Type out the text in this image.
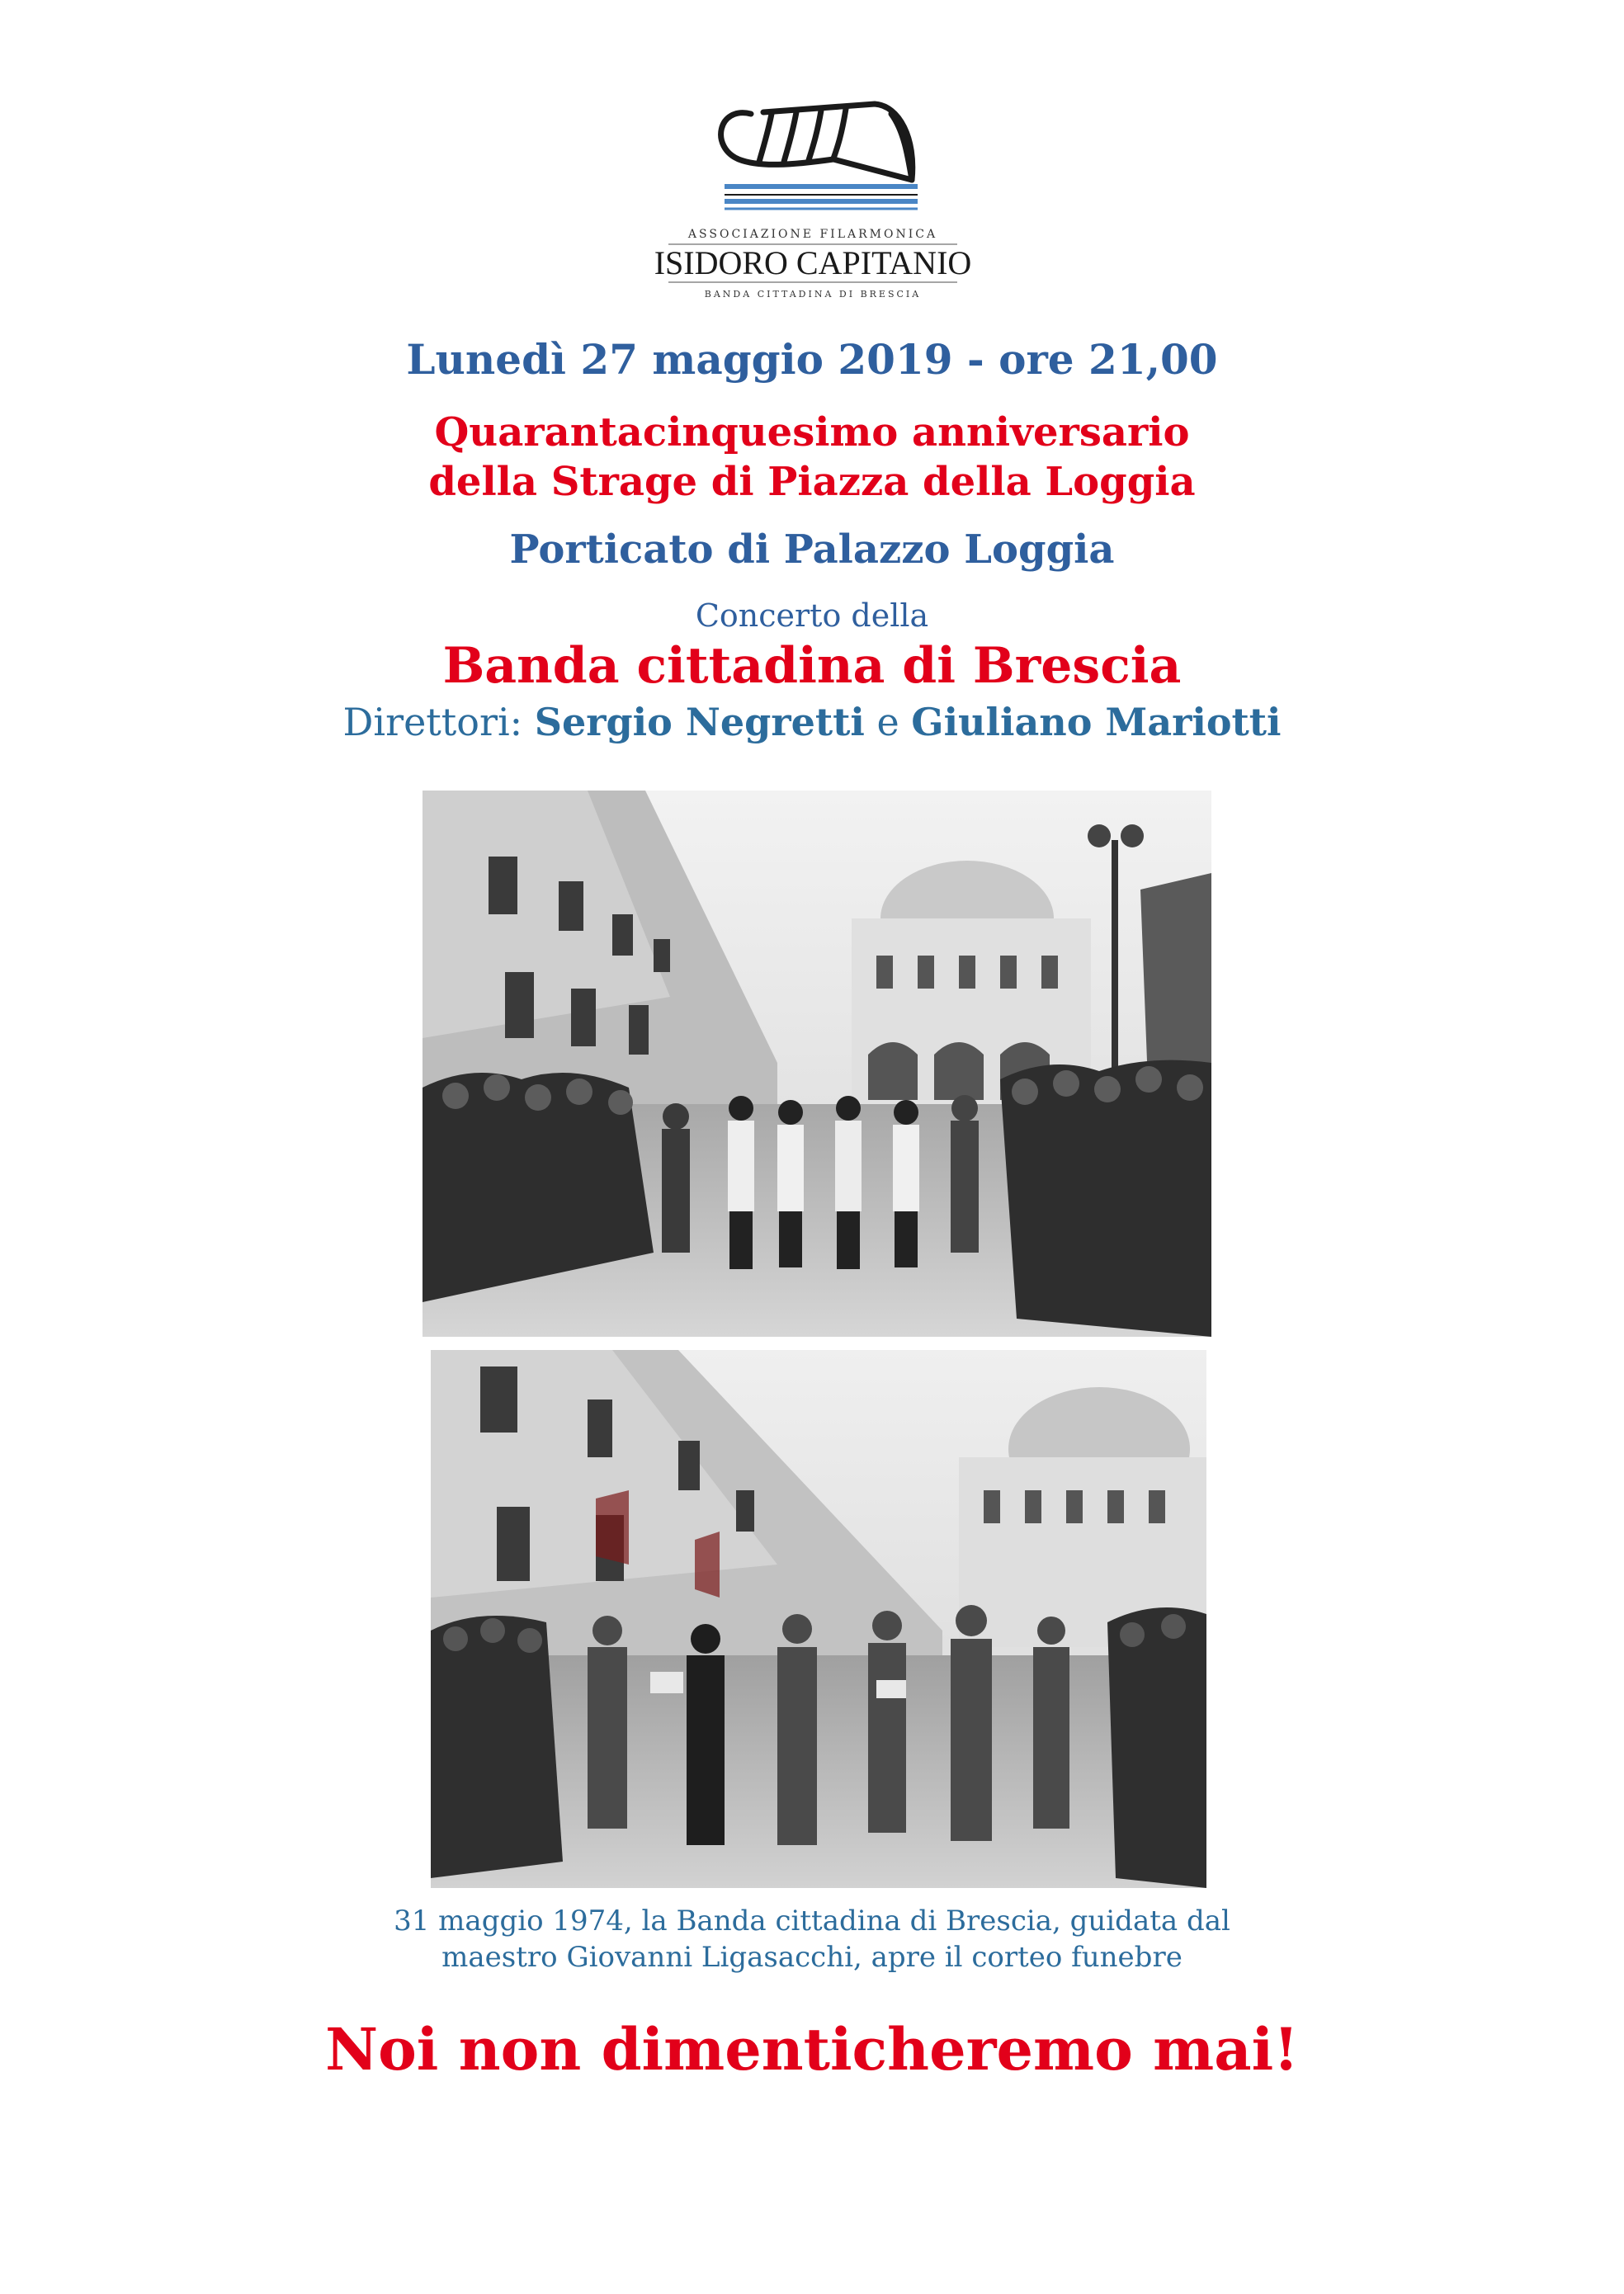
ASSOCIAZIONE FILARMONICA
ISIDORO CAPITANIO
BANDA CITTADINA DI BRESCIA
Lunedì 27 maggio 2019 - ore 21,00
Quarantacinquesimo anniversario
della Strage di Piazza della Loggia
Porticato di Palazzo Loggia
Concerto della
Banda cittadina di Brescia
Direttori: Sergio Negretti e Giuliano Mariotti
31 maggio 1974, la Banda cittadina di Brescia, guidata dal
maestro Giovanni Ligasacchi, apre il corteo funebre
Noi non dimenticheremo mai!
